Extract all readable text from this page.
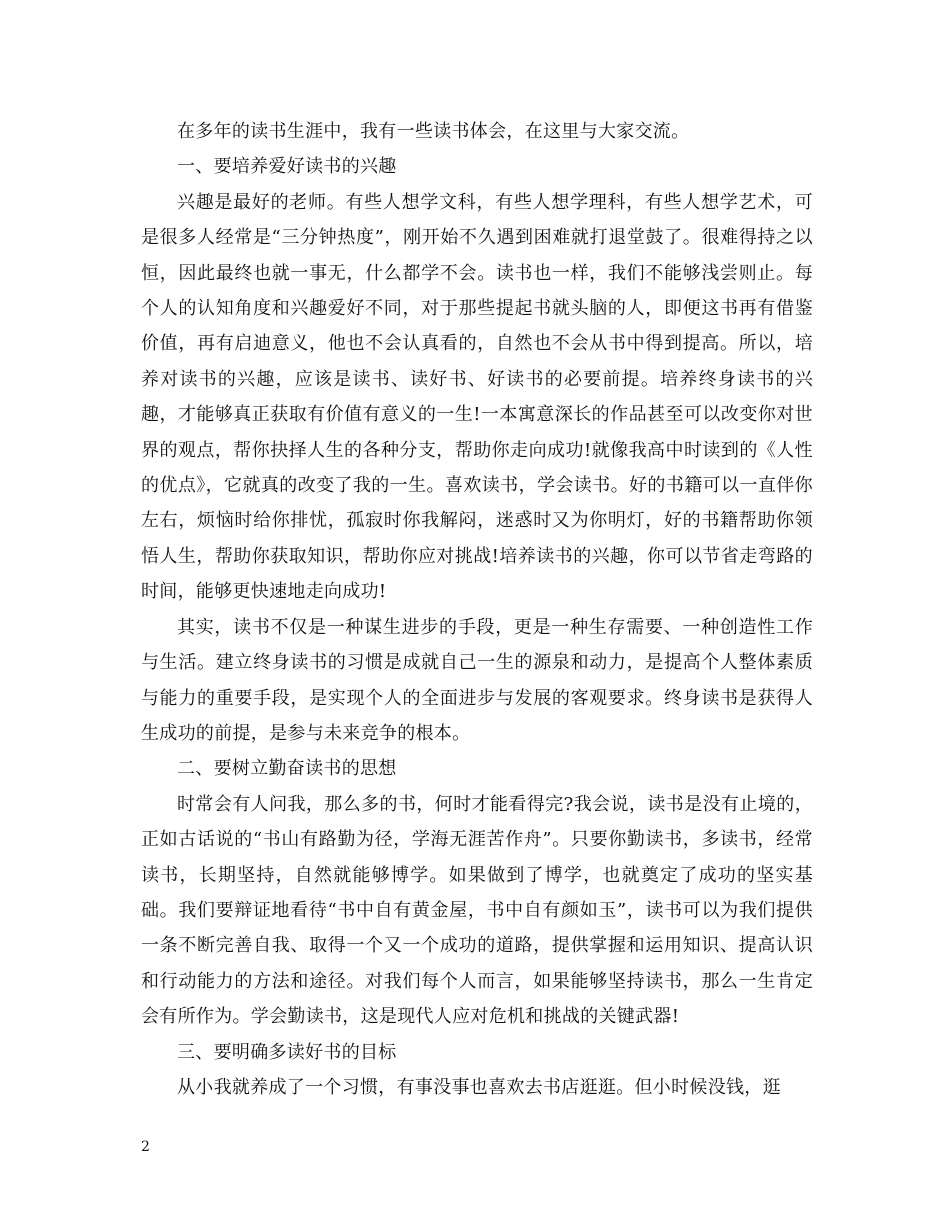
在多年的读书生涯中，我有一些读书体会，在这里与大家交流。

一、要培养爱好读书的兴趣

兴趣是最好的老师。有些人想学文科，有些人想学理科，有些人想学艺术，可是很多人经常是“三分钟热度”，刚开始不久遇到困难就打退堂鼓了。很难得持之以恒，因此最终也就一事无，什么都学不会。读书也一样，我们不能够浅尝则止。每个人的认知角度和兴趣爱好不同，对于那些提起书就头脑的人，即便这书再有借鉴价值，再有启迪意义，他也不会认真看的，自然也不会从书中得到提高。所以，培养对读书的兴趣，应该是读书、读好书、好读书的必要前提。培养终身读书的兴趣，才能够真正获取有价值有意义的一生!一本寓意深长的作品甚至可以改变你对世界的观点，帮你抉择人生的各种分支，帮助你走向成功!就像我高中时读到的《人性的优点》，它就真的改变了我的一生。喜欢读书，学会读书。好的书籍可以一直伴你左右，烦恼时给你排忧，孤寂时你我解闷，迷惑时又为你明灯，好的书籍帮助你领悟人生，帮助你获取知识，帮助你应对挑战!培养读书的兴趣，你可以节省走弯路的时间，能够更快速地走向成功!

其实，读书不仅是一种谋生进步的手段，更是一种生存需要、一种创造性工作与生活。建立终身读书的习惯是成就自己一生的源泉和动力，是提高个人整体素质与能力的重要手段，是实现个人的全面进步与发展的客观要求。终身读书是获得人生成功的前提，是参与未来竞争的根本。

二、要树立勤奋读书的思想

时常会有人问我，那么多的书，何时才能看得完?我会说，读书是没有止境的，正如古话说的“书山有路勤为径，学海无涯苦作舟”。只要你勤读书，多读书，经常读书，长期坚持，自然就能够博学。如果做到了博学，也就奠定了成功的坚实基础。我们要辩证地看待“书中自有黄金屋，书中自有颜如玉”，读书可以为我们提供一条不断完善自我、取得一个又一个成功的道路，提供掌握和运用知识、提高认识和行动能力的方法和途径。对我们每个人而言，如果能够坚持读书，那么一生肯定会有所作为。学会勤读书，这是现代人应对危机和挑战的关键武器!

三、要明确多读好书的目标

从小我就养成了一个习惯，有事没事也喜欢去书店逛逛。但小时候没钱，逛

2
